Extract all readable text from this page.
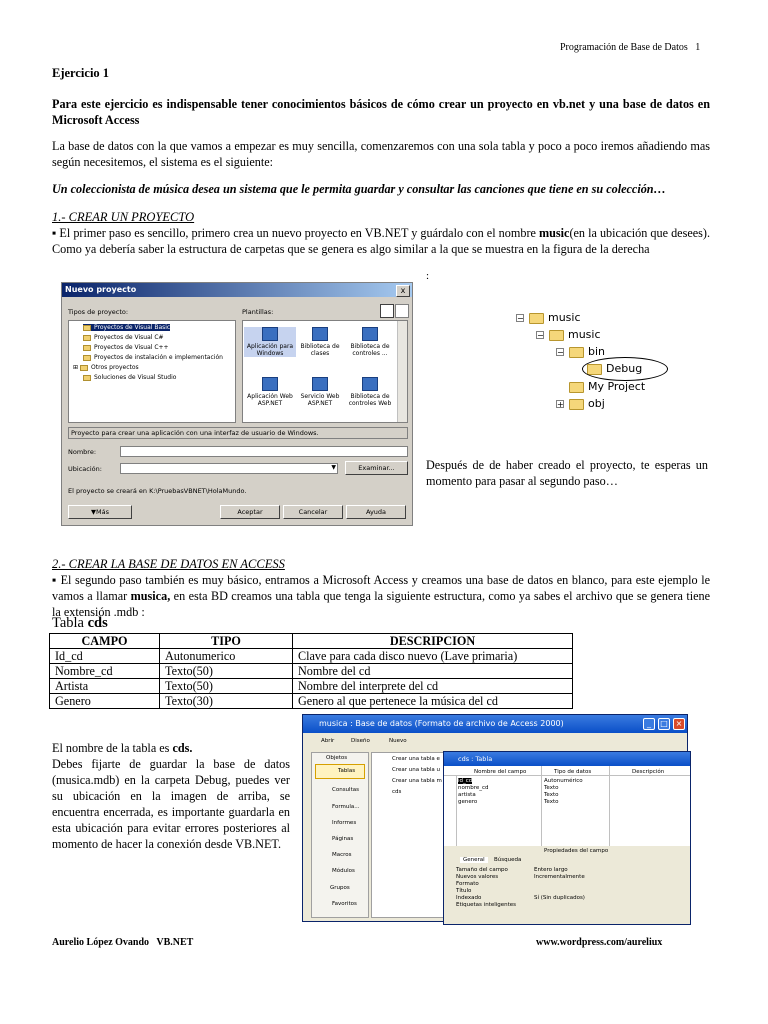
Programación de Base de Datos 1
Ejercicio 1
Para este ejercicio es indispensable tener conocimientos básicos de cómo crear un proyecto en vb.net y una base de datos en Microsoft Access
La base de datos con la que vamos a empezar es muy sencilla, comenzaremos con una sola tabla y poco a poco iremos añadiendo mas según necesitemos, el sistema es el siguiente:
Un coleccionista de música desea un sistema que le permita guardar y consultar las canciones que tiene en su colección…
1.- CREAR UN PROYECTO
▪ El primer paso es sencillo, primero crea un nuevo proyecto en VB.NET y guárdalo con el nombre music(en la ubicación que desees). Como ya debería saber la estructura de carpetas que se genera es algo similar a la que se muestra en la figura de la derecha
:
Nuevo proyecto	x
Tipos de proyecto:	Plantillas:
Proyectos de Visual Basic
Proyectos de Visual C#
Proyectos de Visual C++
Proyectos de instalación e implementación
⊞ Otros proyectos
Soluciones de Visual Studio
Aplicación para Windows
Biblioteca de clases
Biblioteca de controles ...
Aplicación Web ASP.NET
Servicio Web ASP.NET
Biblioteca de controles Web
Proyecto para crear una aplicación con una interfaz de usuario de Windows.
Nombre:
Ubicación:	▼	Examinar...
El proyecto se creará en K:\PruebasVBNET\HolaMundo.
▼Más	Aceptar	Cancelar	Ayuda
− music
− music
− bin
Debug
My Project
+ obj
Después de de haber creado el proyecto, te esperas un
momento para pasar al segundo paso…
2.- CREAR LA BASE DE DATOS EN ACCESS
▪ El segundo paso también es muy básico, entramos a Microsoft Access y creamos una base de datos en blanco, para este ejemplo le vamos a llamar musica, en esta BD creamos una tabla que tenga la siguiente estructura, como ya sabes el archivo que se genera tiene la extensión .mdb :
Tabla cds
CAMPO	TIPO	DESCRIPCION
Id_cd	Autonumerico	Clave para cada disco nuevo (Lave primaria)
Nombre_cd	Texto(50)	Nombre del cd
Artista	Texto(50)	Nombre del interprete del cd
Genero	Texto(30)	Genero al que pertenece la música del cd
El nombre de la tabla es cds.
Debes fijarte de guardar la base de datos (musica.mdb) en la carpeta Debug, puedes ver su ubicación en la imagen de arriba, se encuentra encerrada, es importante guardarla en esta ubicación para evitar errores posteriores al momento de hacer la conexión desde VB.NET.
musica : Base de datos (Formato de archivo de Access 2000)	_	□ ×
Abrir	Diseño	Nuevo
Objetos
Tablas
Consultas
Formula...
Informes
Páginas
Macros
Módulos
Grupos
Favoritos
Crear una tabla e
Crear una tabla u
Crear una tabla m
cds
cds : Tabla
Nombre del campo	Tipo de datos	Descripción
id_cd	Autonumérico
nombre_cd	Texto
artista	Texto
genero	Texto
Propiedades del campo
General	Búsqueda
Tamaño del campo	Entero largo
Nuevos valores	Incrementalmente
Formato
Título
Indexado	Sí (Sin duplicados)
Etiquetas inteligentes
Aurelio López Ovando   VB.NET	www.wordpress.com/aureliux
